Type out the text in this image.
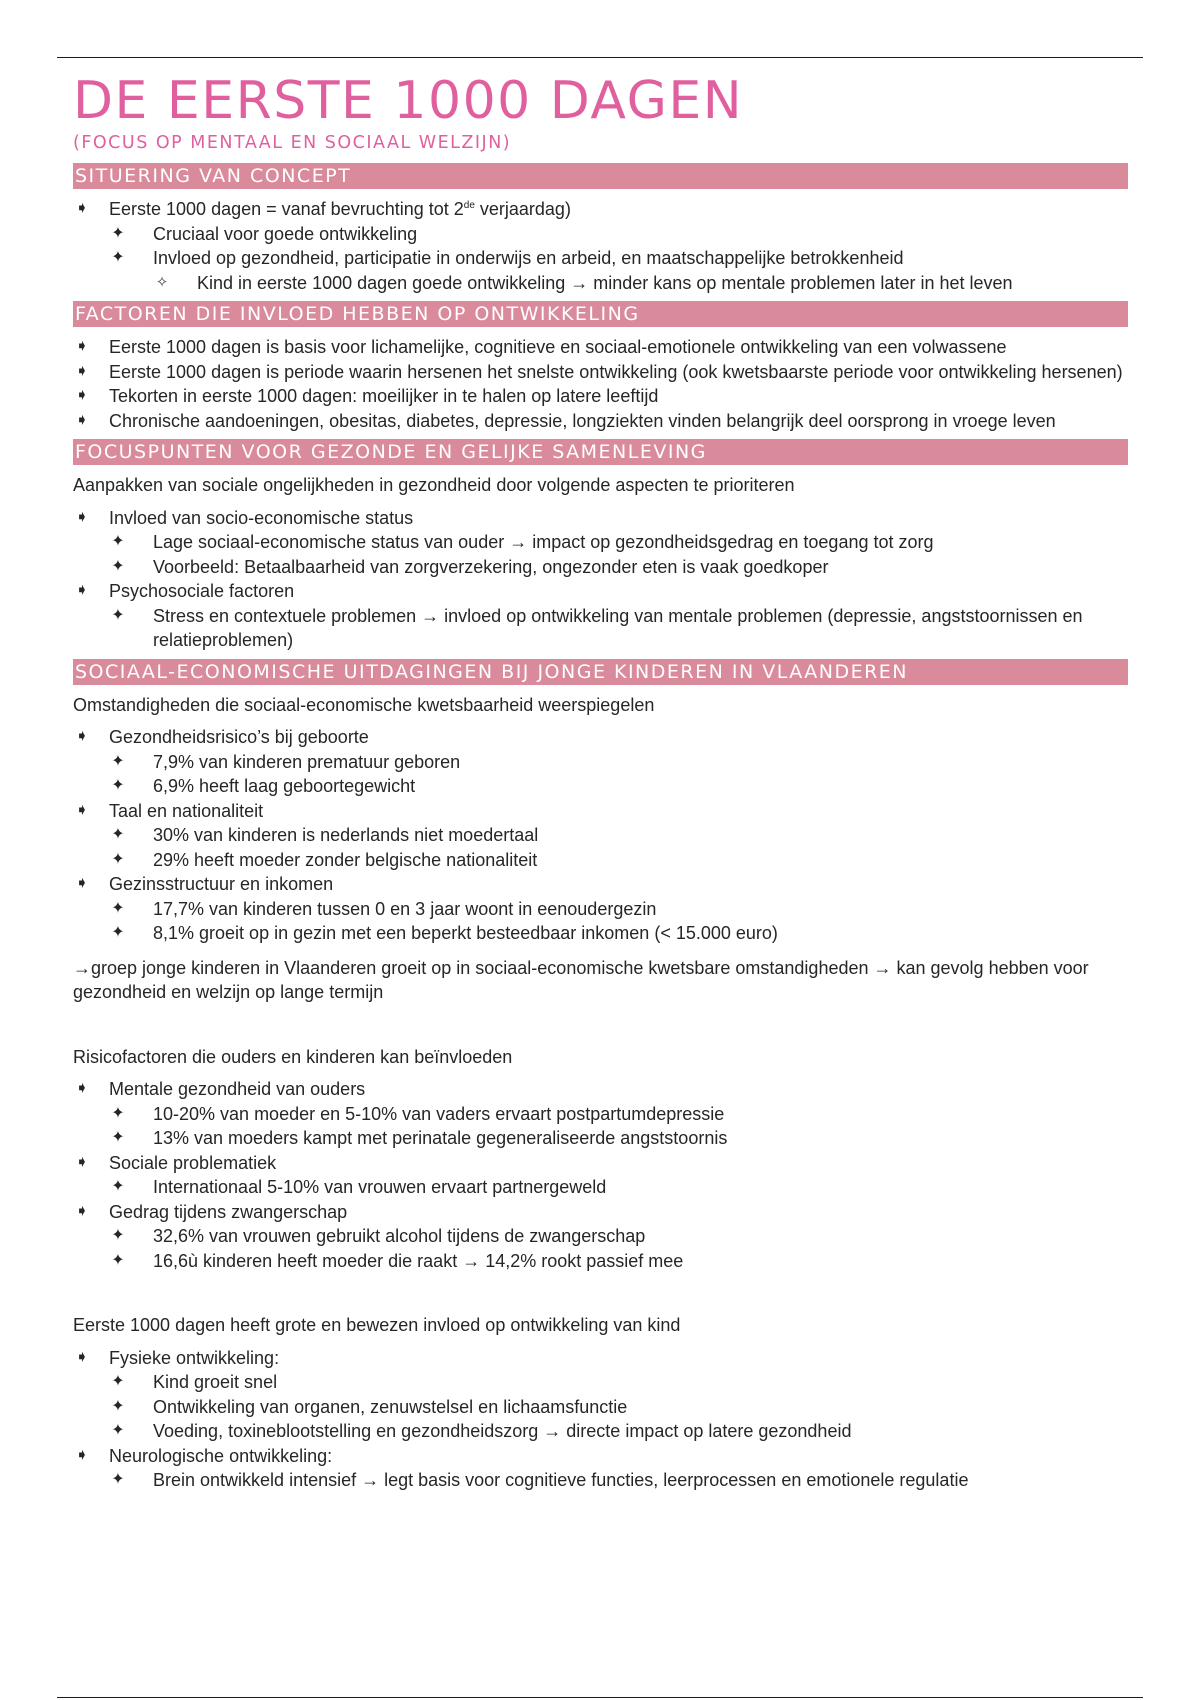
DE EERSTE 1000 DAGEN
(FOCUS OP MENTAAL EN SOCIAAL WELZIJN)
SITUERING VAN CONCEPT
➧ Eerste 1000 dagen = vanaf bevruchting tot 2de verjaardag)
✦ Cruciaal voor goede ontwikkeling
✦ Invloed op gezondheid, participatie in onderwijs en arbeid, en maatschappelijke betrokkenheid
✧ Kind in eerste 1000 dagen goede ontwikkeling → minder kans op mentale problemen later in het leven
FACTOREN DIE INVLOED HEBBEN OP ONTWIKKELING
➧ Eerste 1000 dagen is basis voor lichamelijke, cognitieve en sociaal-emotionele ontwikkeling van een volwassene
➧ Eerste 1000 dagen is periode waarin hersenen het snelste ontwikkeling (ook kwetsbaarste periode voor ontwikkeling hersenen)
➧ Tekorten in eerste 1000 dagen: moeilijker in te halen op latere leeftijd
➧ Chronische aandoeningen, obesitas, diabetes, depressie, longziekten vinden belangrijk deel oorsprong in vroege leven
FOCUSPUNTEN VOOR GEZONDE EN GELIJKE SAMENLEVING
Aanpakken van sociale ongelijkheden in gezondheid door volgende aspecten te prioriteren
➧ Invloed van socio-economische status
✦ Lage sociaal-economische status van ouder → impact op gezondheidsgedrag en toegang tot zorg
✦ Voorbeeld: Betaalbaarheid van zorgverzekering, ongezonder eten is vaak goedkoper
➧ Psychosociale factoren
✦ Stress en contextuele problemen → invloed op ontwikkeling van mentale problemen (depressie, angststoornissen en relatieproblemen)
SOCIAAL-ECONOMISCHE UITDAGINGEN BIJ JONGE KINDEREN IN VLAANDEREN
Omstandigheden die sociaal-economische kwetsbaarheid weerspiegelen
➧ Gezondheidsrisico’s bij geboorte
✦ 7,9% van kinderen prematuur geboren
✦ 6,9% heeft laag geboortegewicht
➧ Taal en nationaliteit
✦ 30% van kinderen is nederlands niet moedertaal
✦ 29% heeft moeder zonder belgische nationaliteit
➧ Gezinsstructuur en inkomen
✦ 17,7% van kinderen tussen 0 en 3 jaar woont in eenoudergezin
✦ 8,1% groeit op in gezin met een beperkt besteedbaar inkomen (< 15.000 euro)
→groep jonge kinderen in Vlaanderen groeit op in sociaal-economische kwetsbare omstandigheden → kan gevolg hebben voor gezondheid en welzijn op lange termijn
Risicofactoren die ouders en kinderen kan beïnvloeden
➧ Mentale gezondheid van ouders
✦ 10-20% van moeder en 5-10% van vaders ervaart postpartumdepressie
✦ 13% van moeders kampt met perinatale gegeneraliseerde angststoornis
➧ Sociale problematiek
✦ Internationaal 5-10% van vrouwen ervaart partnergeweld
➧ Gedrag tijdens zwangerschap
✦ 32,6% van vrouwen gebruikt alcohol tijdens de zwangerschap
✦ 16,6ù kinderen heeft moeder die raakt → 14,2% rookt passief mee
Eerste 1000 dagen heeft grote en bewezen invloed op ontwikkeling van kind
➧ Fysieke ontwikkeling:
✦ Kind groeit snel
✦ Ontwikkeling van organen, zenuwstelsel en lichaamsfunctie
✦ Voeding, toxineblootstelling en gezondheidszorg → directe impact op latere gezondheid
➧ Neurologische ontwikkeling:
✦ Brein ontwikkeld intensief → legt basis voor cognitieve functies, leerprocessen en emotionele regulatie
